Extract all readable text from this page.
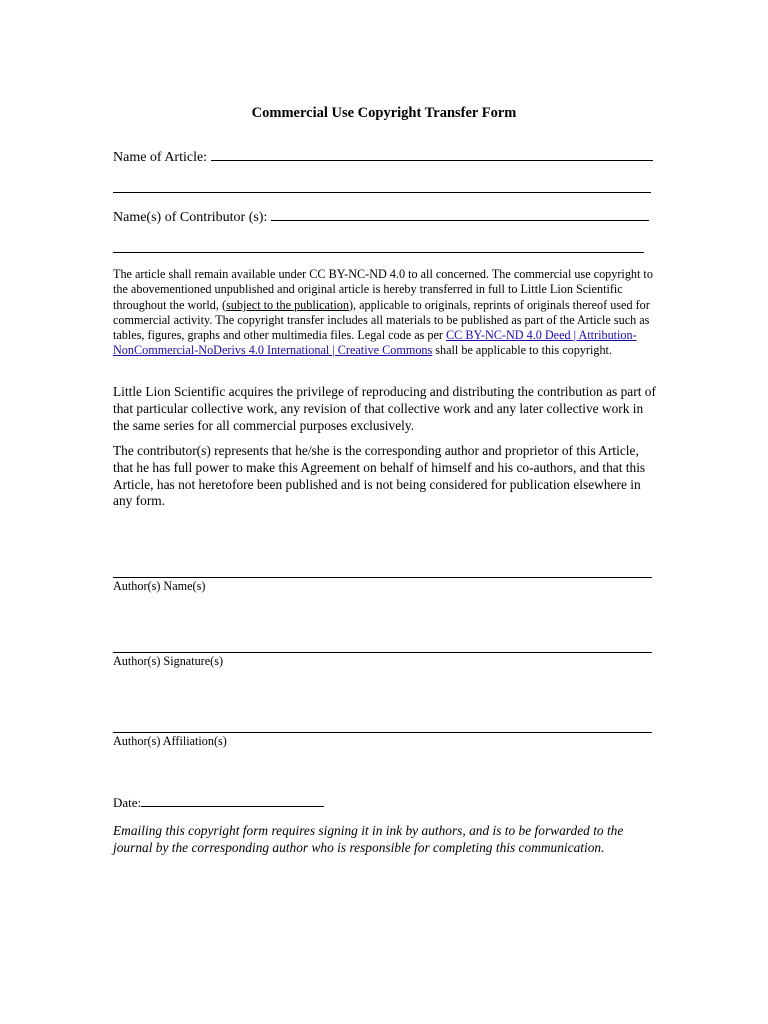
Commercial Use Copyright Transfer Form
Name of Article:
Name(s) of Contributor (s):
The article shall remain available under CC BY-NC-ND 4.0 to all concerned. The commercial use copyright to the abovementioned unpublished and original article is hereby transferred in full to Little Lion Scientific throughout the world, (subject to the publication), applicable to originals, reprints of originals thereof used for commercial activity. The copyright transfer includes all materials to be published as part of the Article such as tables, figures, graphs and other multimedia files. Legal code as per CC BY-NC-ND 4.0 Deed | Attribution-NonCommercial-NoDerivs 4.0 International | Creative Commons shall be applicable to this copyright.
Little Lion Scientific acquires the privilege of reproducing and distributing the contribution as part of that particular collective work, any revision of that collective work and any later collective work in the same series for all commercial purposes exclusively.
The contributor(s) represents that he/she is the corresponding author and proprietor of this Article, that he has full power to make this Agreement on behalf of himself and his co-authors, and that this Article, has not heretofore been published and is not being considered for publication elsewhere in any form.
Author(s) Name(s)
Author(s) Signature(s)
Author(s) Affiliation(s)
Date:
Emailing this copyright form requires signing it in ink by authors, and is to be forwarded to the journal by the corresponding author who is responsible for completing this communication.
